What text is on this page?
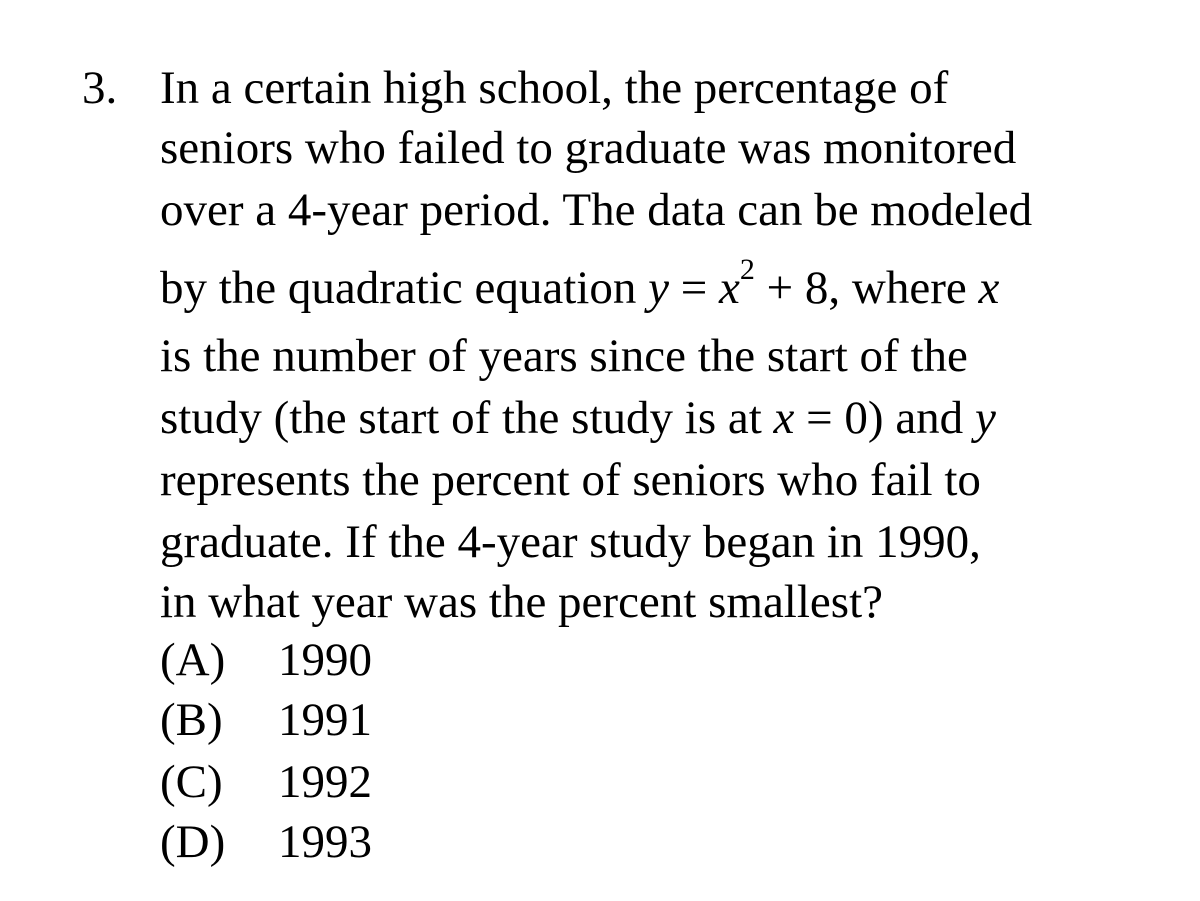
3. In a certain high school, the percentage of
seniors who failed to graduate was monitored
over a 4-year period. The data can be modeled
by the quadratic equation $y = x^2 + 8$, where x
is the number of years since the start of the
study (the start of the study is at x = 0) and y
represents the percent of seniors who fail to
graduate. If the 4-year study began in 1990,
in what year was the percent smallest?
(A) 1990
(B) 1991
(C) 1992
(D) 1993
